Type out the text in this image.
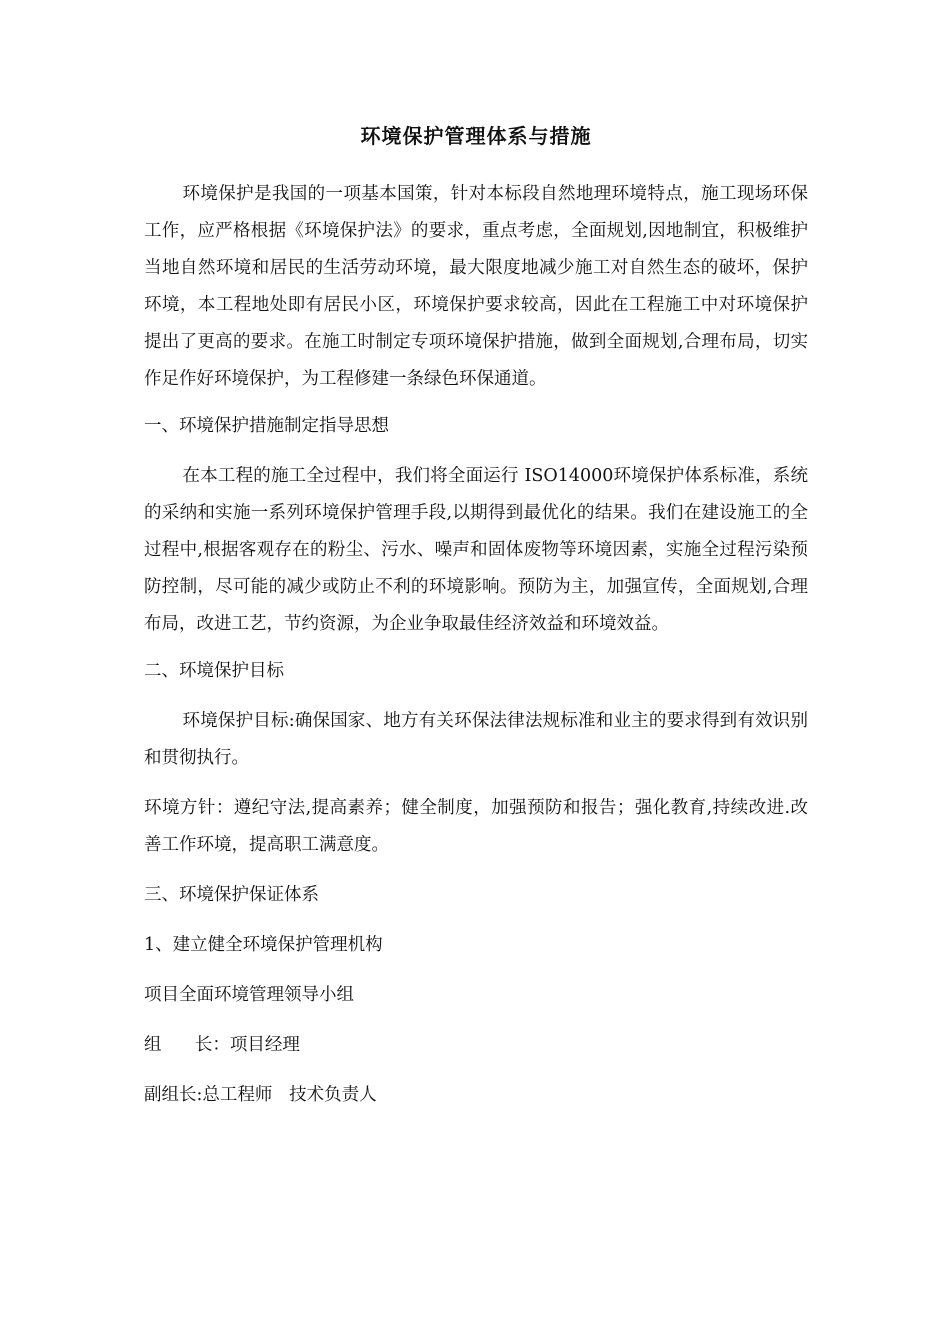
环境保护管理体系与措施

环境保护是我国的一项基本国策，针对本标段自然地理环境特点，施工现场环保工作，应严格根据《环境保护法》的要求，重点考虑，全面规划,因地制宜，积极维护当地自然环境和居民的生活劳动环境，最大限度地减少施工对自然生态的破坏，保护环境，本工程地处即有居民小区，环境保护要求较高，因此在工程施工中对环境保护提出了更高的要求。在施工时制定专项环境保护措施，做到全面规划,合理布局，切实作足作好环境保护，为工程修建一条绿色环保通道。

一、环境保护措施制定指导思想

在本工程的施工全过程中，我们将全面运行 ISO14000环境保护体系标准，系统的采纳和实施一系列环境保护管理手段,以期得到最优化的结果。我们在建设施工的全过程中,根据客观存在的粉尘、污水、噪声和固体废物等环境因素，实施全过程污染预防控制，尽可能的减少或防止不利的环境影响。预防为主，加强宣传，全面规划,合理布局，改进工艺，节约资源，为企业争取最佳经济效益和环境效益。

二、环境保护目标

环境保护目标:确保国家、地方有关环保法律法规标准和业主的要求得到有效识别和贯彻执行。

环境方针：遵纪守法,提高素养；健全制度，加强预防和报告；强化教育,持续改进.改善工作环境，提高职工满意度。

三、环境保护保证体系

1、建立健全环境保护管理机构

项目全面环境管理领导小组

组      长：项目经理

副组长:总工程师   技术负责人
